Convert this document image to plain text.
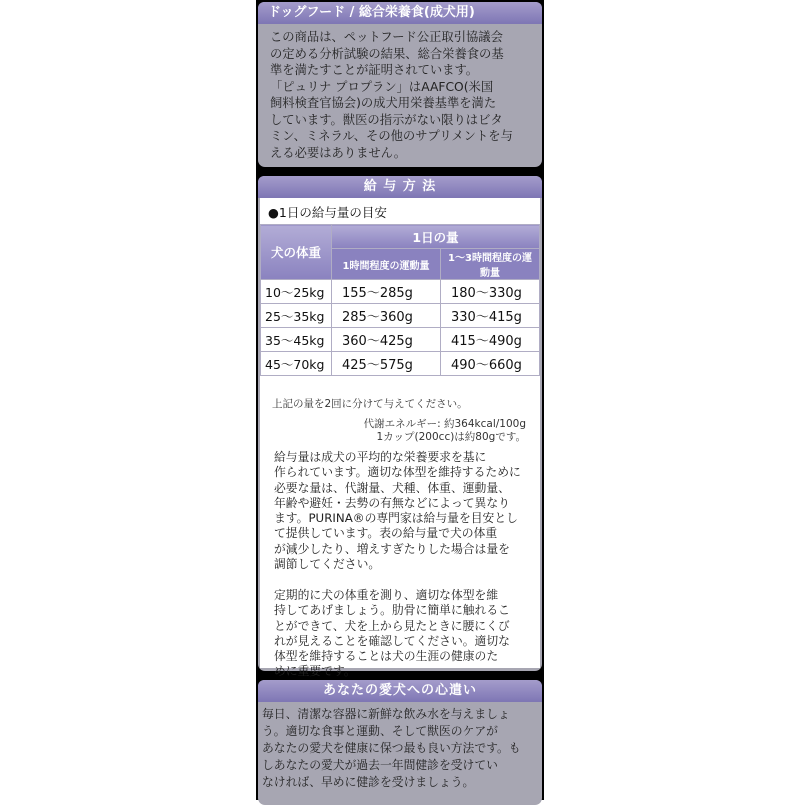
ドッグフード / 総合栄養食(成犬用)
この商品は、ペットフード公正取引協議会
の定める分析試験の結果、総合栄養食の基
準を満たすことが証明されています。
「ピュリナ プロプラン」はAAFCO(米国
飼料検査官協会)の成犬用栄養基準を満た
しています。獣医の指示がない限りはビタ
ミン、ミネラル、その他のサプリメントを与
える必要はありません。
給 与 方 法
●1日の給与量の目安
犬の体重	1日の量	
	1時間程度の運動量	1〜3時間程度の運動量
10〜25kg	155〜285g	180〜330g
25〜35kg	285〜360g	330〜415g
35〜45kg	360〜425g	415〜490g
45〜70kg	425〜575g	490〜660g
上記の量を2回に分けて与えてください。
代謝エネルギー: 約364kcal/100g
1カップ(200cc)は約80gです。
給与量は成犬の平均的な栄養要求を基に
作られています。適切な体型を維持するために
必要な量は、代謝量、犬種、体重、運動量、
年齢や避妊・去勢の有無などによって異なり
ます。PURINA®の専門家は給与量を目安とし
て提供しています。表の給与量で犬の体重
が減少したり、増えすぎたりした場合は量を
調節してください。
定期的に犬の体重を測り、適切な体型を維
持してあげましょう。肋骨に簡単に触れるこ
とができて、犬を上から見たときに腰にくび
れが見えることを確認してください。適切な
体型を維持することは犬の生涯の健康のた
めに重要です。
あなたの愛犬への心遣い
毎日、清潔な容器に新鮮な飲み水を与えましょ
う。適切な食事と運動、そして獣医のケアが
あなたの愛犬を健康に保つ最も良い方法です。も
しあなたの愛犬が過去一年間健診を受けてい
なければ、早めに健診を受けましょう。
